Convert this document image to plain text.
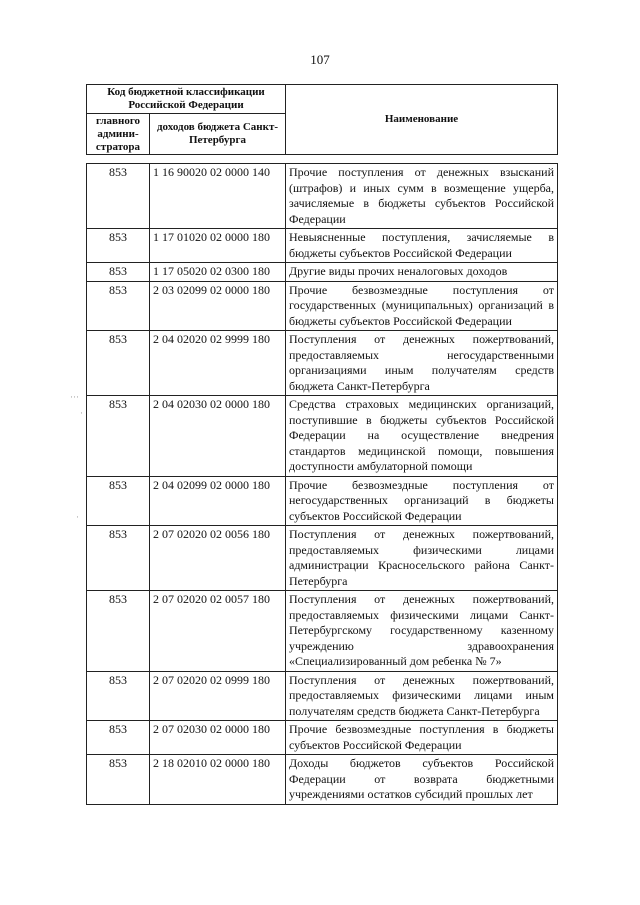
107
Код бюджетной классификации Российской Федерации		Наименование
главного админи-стратора	доходов бюджета Санкт-Петербурга	
853	1 16 90020 02 0000 140	Прочие поступления от денежных взысканий (штрафов) и иных сумм в возмещение ущерба, зачисляемые в бюджеты субъектов Российской Федерации
853	1 17 01020 02 0000 180	Невыясненные поступления, зачисляемые в бюджеты субъектов Российской Федерации
853	1 17 05020 02 0300 180	Другие виды прочих неналоговых доходов
853	2 03 02099 02 0000 180	Прочие безвозмездные поступления от государственных (муниципальных) организаций в бюджеты субъектов Российской Федерации
853	2 04 02020 02 9999 180	Поступления от денежных пожертвований, предоставляемых негосударственными организациями иным получателям средств бюджета Санкт-Петербурга
853	2 04 02030 02 0000 180	Средства страховых медицинских организаций, поступившие в бюджеты субъектов Российской Федерации на осуществление внедрения стандартов медицинской помощи, повышения доступности амбулаторной помощи
853	2 04 02099 02 0000 180	Прочие безвозмездные поступления от негосударственных организаций в бюджеты субъектов Российской Федерации
853	2 07 02020 02 0056 180	Поступления от денежных пожертвований, предоставляемых физическими лицами администрации Красносельского района Санкт-Петербурга
853	2 07 02020 02 0057 180	Поступления от денежных пожертвований, предоставляемых физическими лицами Санкт-Петербургскому государственному казенному учреждению здравоохранения «Специализированный дом ребенка № 7»
853	2 07 02020 02 0999 180	Поступления от денежных пожертвований, предоставляемых физическими лицами иным получателям средств бюджета Санкт-Петербурга
853	2 07 02030 02 0000 180	Прочие безвозмездные поступления в бюджеты субъектов Российской Федерации
853	2 18 02010 02 0000 180	Доходы бюджетов субъектов Российской Федерации от возврата бюджетными учреждениями остатков субсидий прошлых лет
···
·
·
